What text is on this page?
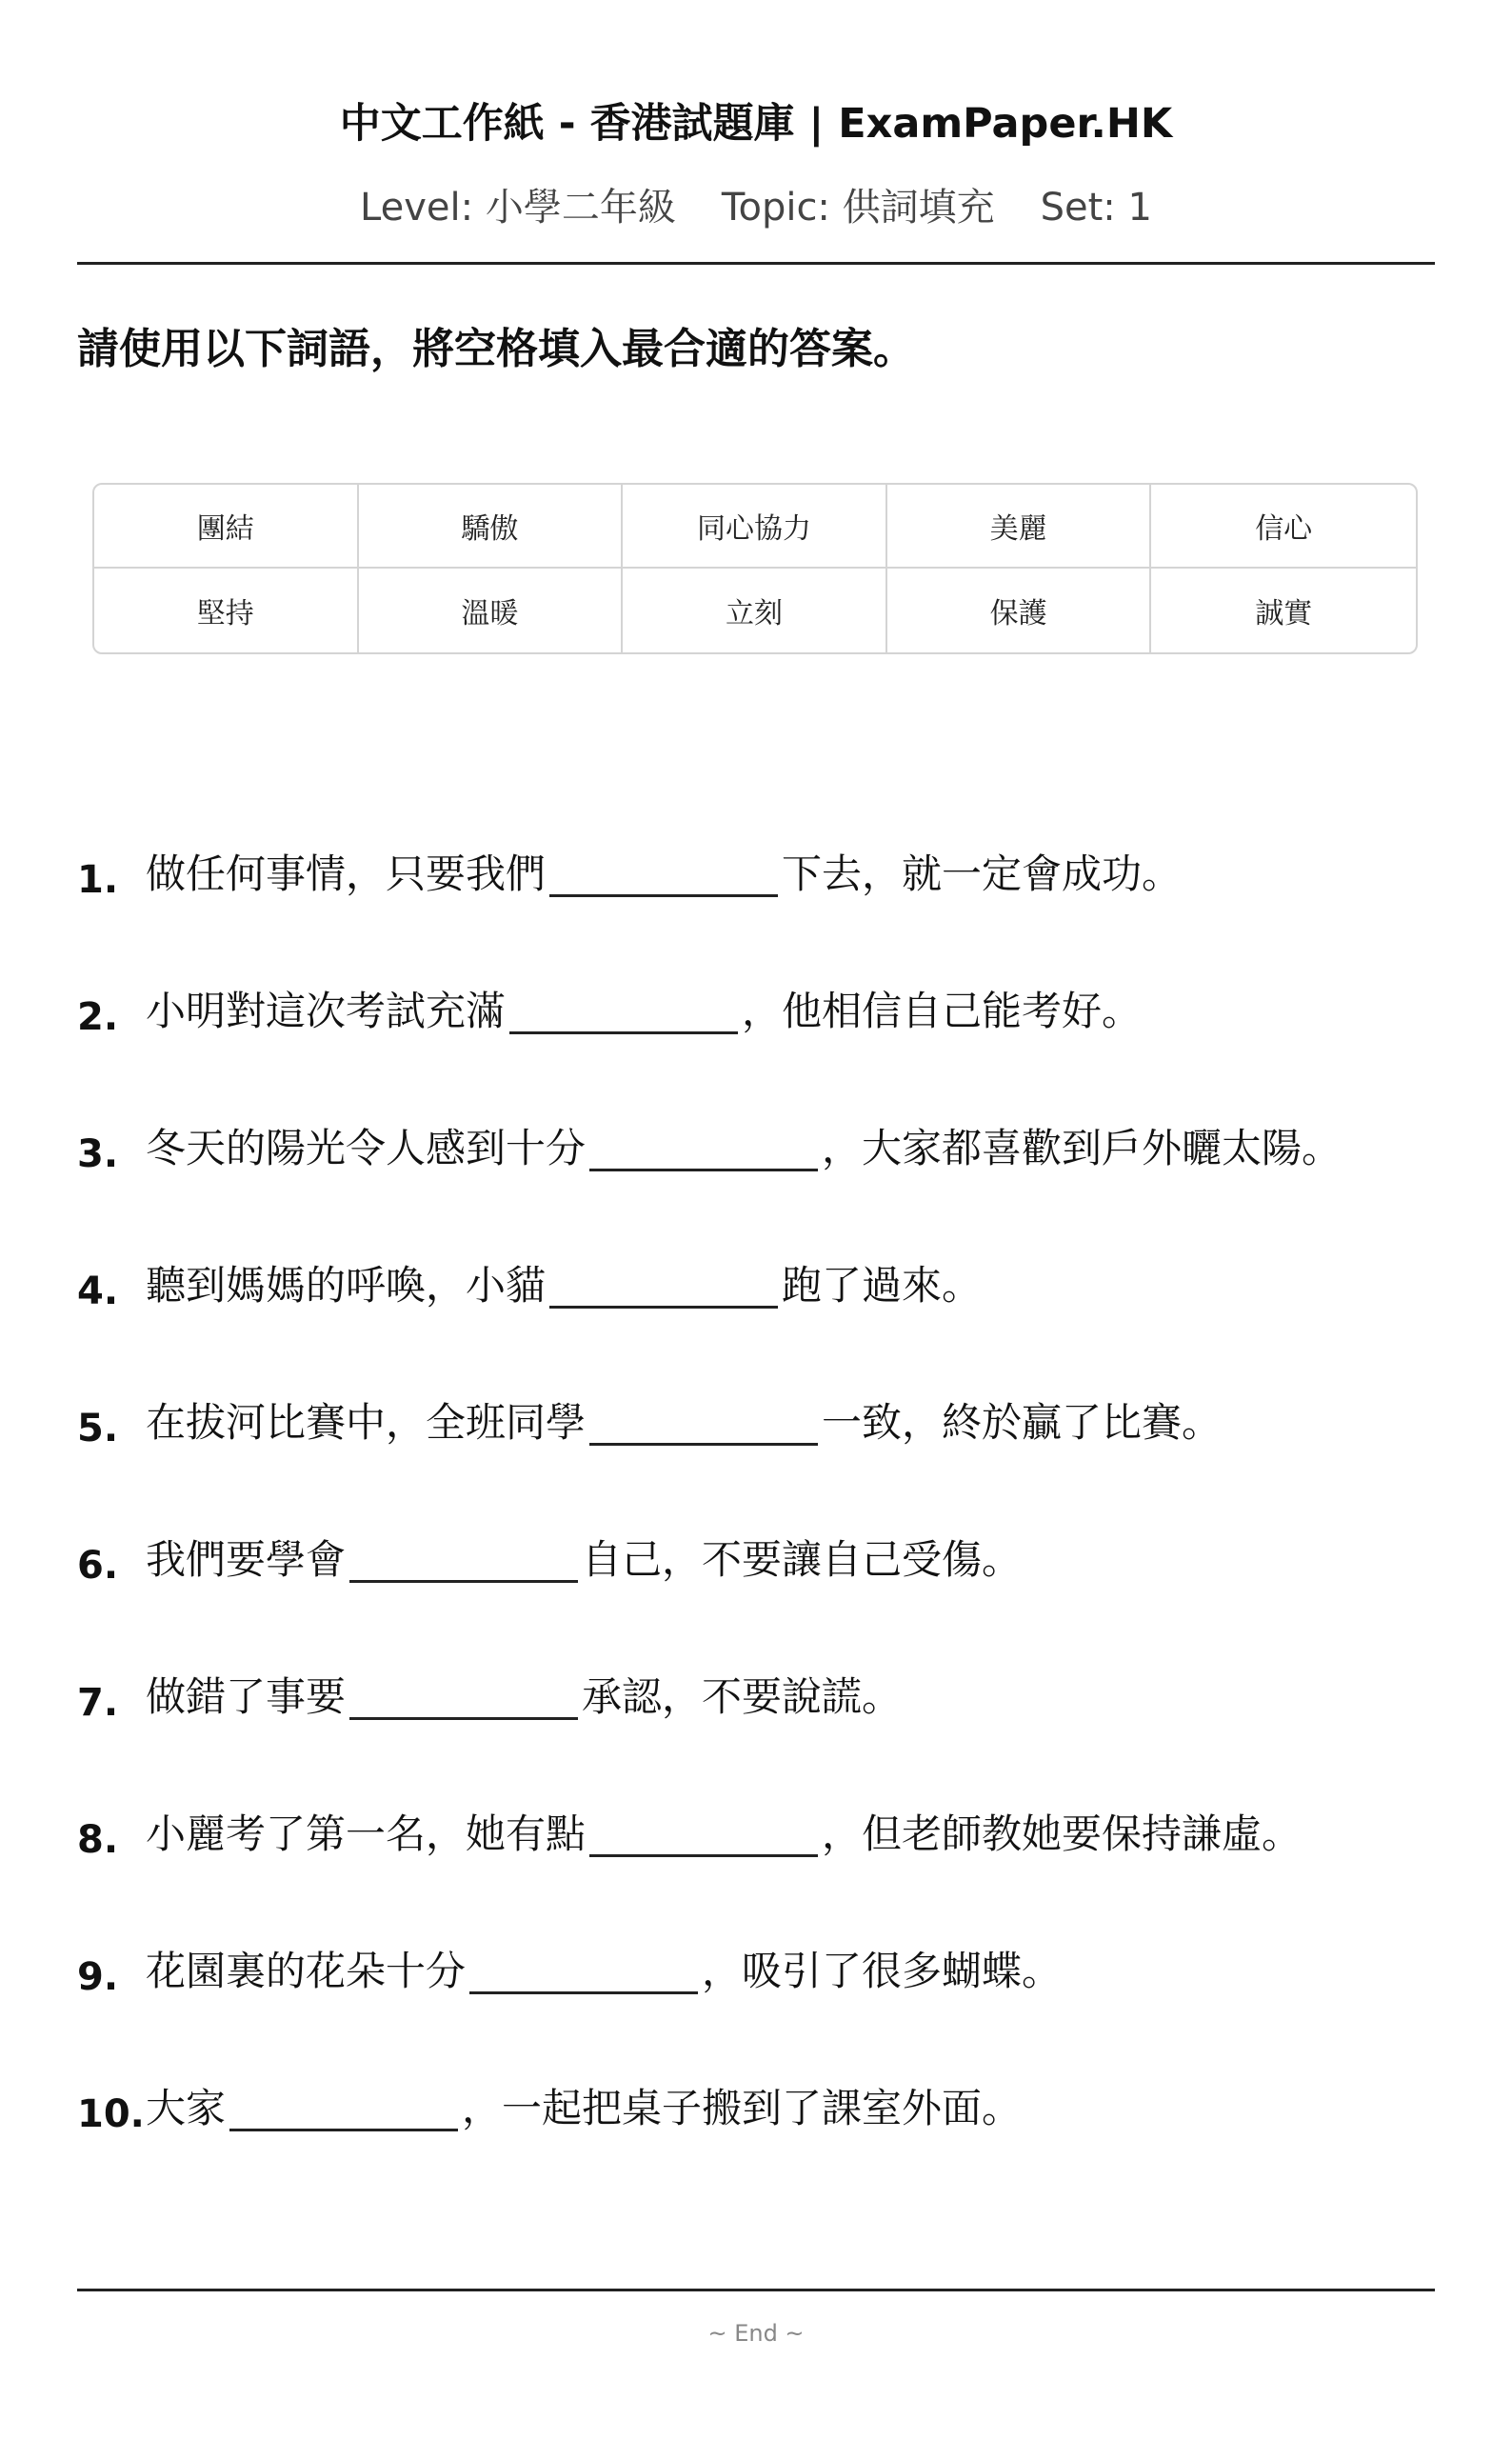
中文工作紙 - 香港試題庫 | ExamPaper.HK
Level: 小學二年級 Topic: 供詞填充 Set: 1
請使用以下詞語，將空格填入最合適的答案。
團結	驕傲	同心協力	美麗	信心
堅持	溫暖	立刻	保護	誠實
1. 做任何事情，只要我們	下去，就一定會成功。
2. 小明對這次考試充滿	，他相信自己能考好。
3. 冬天的陽光令人感到十分	，大家都喜歡到戶外曬太陽。
4. 聽到媽媽的呼喚，小貓	跑了過來。
5. 在拔河比賽中，全班同學	一致，終於贏了比賽。
6. 我們要學會	自己，不要讓自己受傷。
7. 做錯了事要	承認，不要說謊。
8. 小麗考了第一名，她有點	，但老師教她要保持謙虛。
9. 花園裏的花朵十分	，吸引了很多蝴蝶。
10. 大家	，一起把桌子搬到了課室外面。
~ End ~
